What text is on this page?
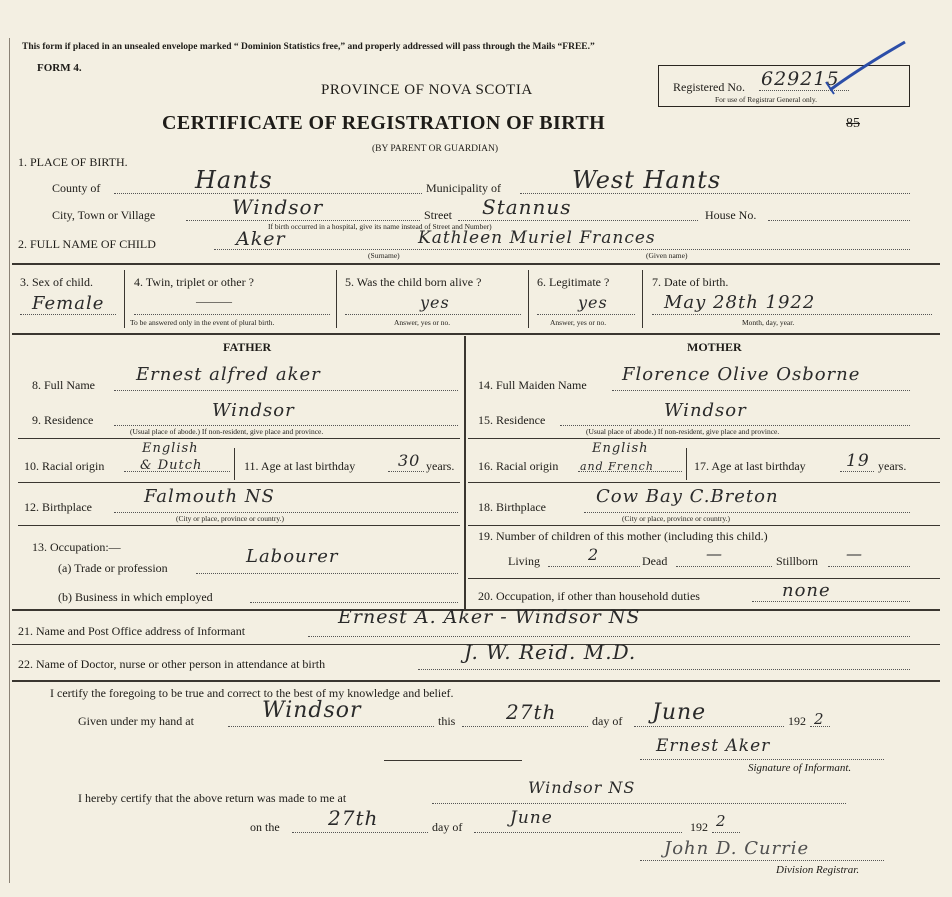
This form if placed in an unsealed envelope marked “ Dominion Statistics free,” and properly addressed will pass through the Mails “FREE.”
FORM 4.
PROVINCE OF NOVA SCOTIA
CERTIFICATE OF REGISTRATION OF BIRTH
(BY PARENT OR GUARDIAN)
Registered No. 629215
For use of Registrar General only.
85
1. PLACE OF BIRTH.
County of	Hants	Municipality of	West Hants
City, Town or Village	Windsor	Street Stannus	House No.
If birth occurred in a hospital, give its name instead of Street and Number)
2. FULL NAME OF CHILD	Aker	Kathleen Muriel Frances
(Surname)	(Given name)
3. Sex of child.
Female
4. Twin, triplet or other ?
———
To be answered only in the event of plural birth.
5. Was the child born alive ?
yes
Answer, yes or no.
6. Legitimate ?
yes
Answer, yes or no.
7. Date of birth.
May 28th 1922
Month, day, year.
FATHER	MOTHER
8. Full Name Ernest alfred aker
9. Residence	Windsor
(Usual place of abode.) If non-resident, give place and province.
10. Racial origin
English
& Dutch	11. Age at last birthday	30 years.
12. Birthplace	Falmouth NS
(City or place, province or country.)
13. Occupation:—
(a) Trade or profession
Labourer
(b) Business in which employed
14. Full Maiden Name Florence Olive Osborne
15. Residence	Windsor
(Usual place of abode.) If non-resident, give place and province.
16. Racial origin
English
and French	17. Age at last birthday 19 years.
18. Birthplace	Cow Bay C.Breton
(City or place, province or country.)
19. Number of children of this mother (including this child.)
Living	2	Dead —	Stillborn —
20. Occupation, if other than household duties	none
21. Name and Post Office address of Informant
Ernest A. Aker - Windsor NS
22. Name of Doctor, nurse or other person in attendance at birth	J. W. Reid. M.D.
I certify the foregoing to be true and correct to the best of my knowledge and belief.
Given under my hand at	Windsor	this	27th	day of June	192 2
Ernest Aker
Signature of Informant.
I hereby certify that the above return was made to me at
Windsor NS
on the 27th	day of	June	192 2
John D. Currie
Division Registrar.
